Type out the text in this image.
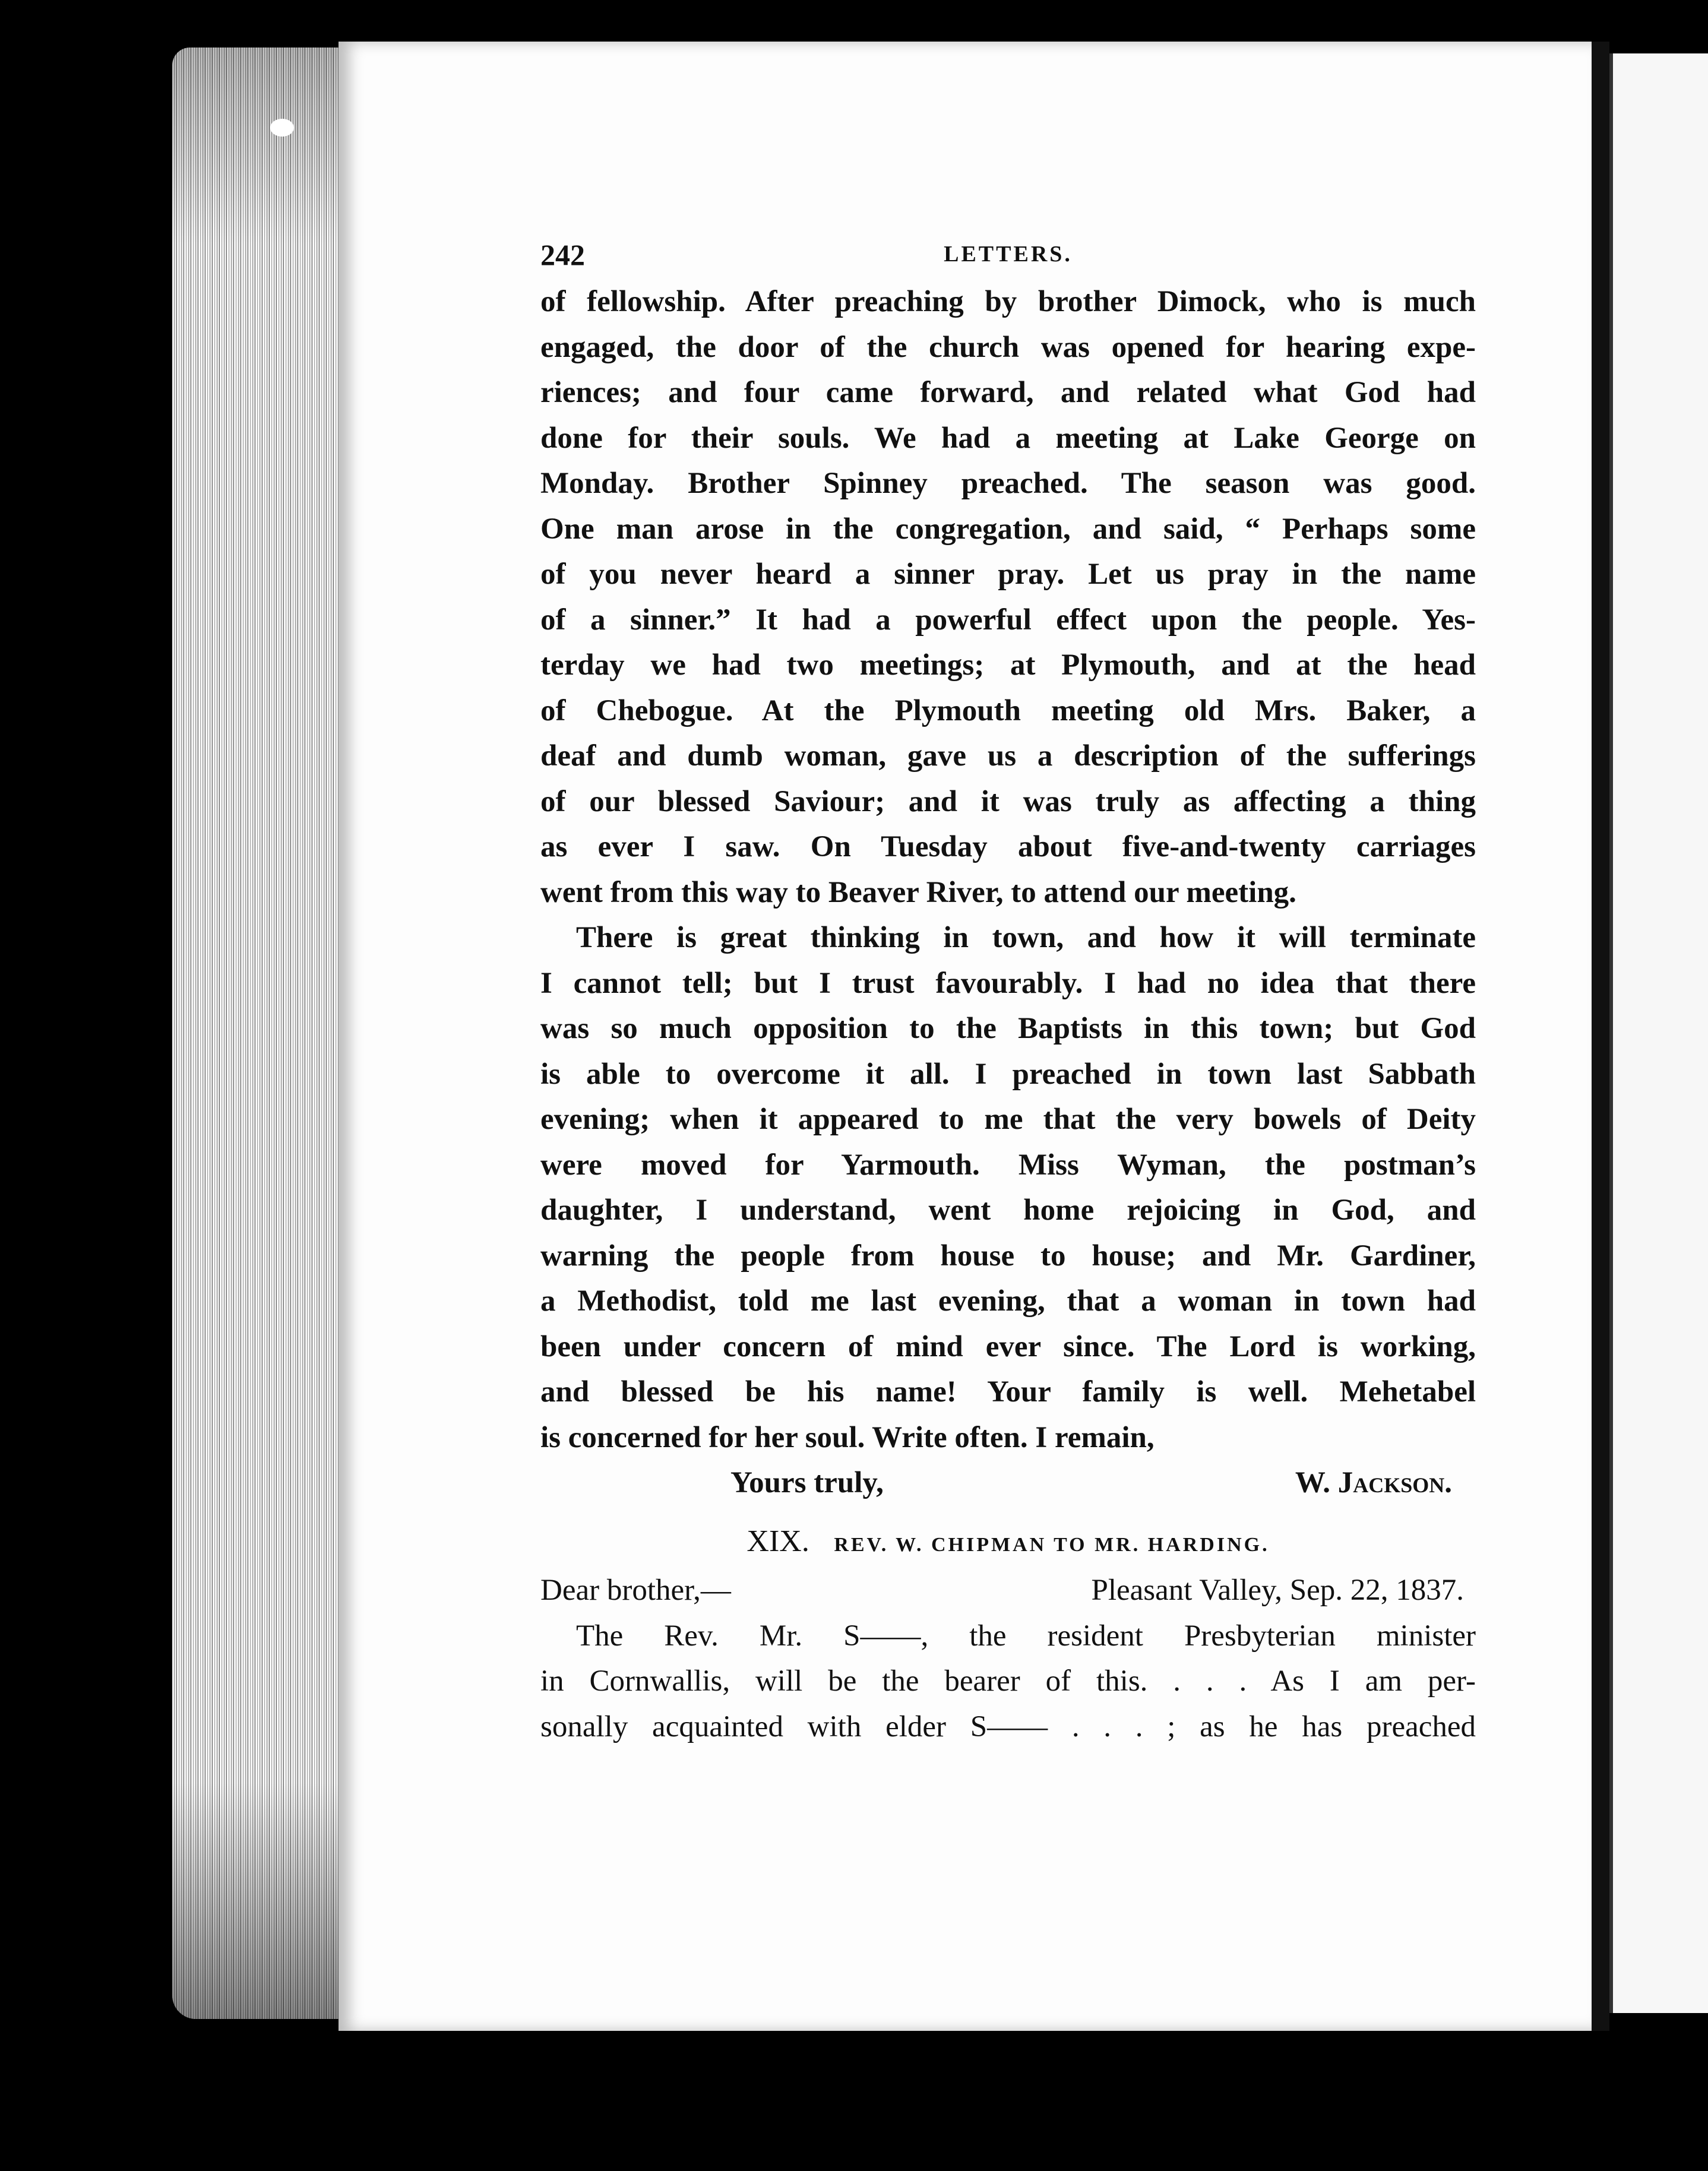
242	LETTERS.
of fellowship. After preaching by brother Dimock, who is much
engaged, the door of the church was opened for hearing expe-
riences; and four came forward, and related what God had
done for their souls. We had a meeting at Lake George on
Monday. Brother Spinney preached. The season was good.
One man arose in the congregation, and said, “ Perhaps some
of you never heard a sinner pray. Let us pray in the name
of a sinner.” It had a powerful effect upon the people. Yes-
terday we had two meetings; at Plymouth, and at the head
of Chebogue. At the Plymouth meeting old Mrs. Baker, a
deaf and dumb woman, gave us a description of the sufferings
of our blessed Saviour; and it was truly as affecting a thing
as ever I saw. On Tuesday about five-and-twenty carriages
went from this way to Beaver River, to attend our meeting.
There is great thinking in town, and how it will terminate
I cannot tell; but I trust favourably. I had no idea that there
was so much opposition to the Baptists in this town; but God
is able to overcome it all. I preached in town last Sabbath
evening; when it appeared to me that the very bowels of Deity
were moved for Yarmouth. Miss Wyman, the postman’s
daughter, I understand, went home rejoicing in God, and
warning the people from house to house; and Mr. Gardiner,
a Methodist, told me last evening, that a woman in town had
been under concern of mind ever since. The Lord is working,
and blessed be his name! Your family is well. Mehetabel
is concerned for her soul. Write often. I remain,
Yours truly,	W. Jackson.
XIX. REV. W. CHIPMAN TO MR. HARDING.
Dear brother,—	Pleasant Valley, Sep. 22, 1837.
The Rev. Mr. S——, the resident Presbyterian minister
in Cornwallis, will be the bearer of this. . . . As I am per-
sonally acquainted with elder S—— . . . ; as he has preached
